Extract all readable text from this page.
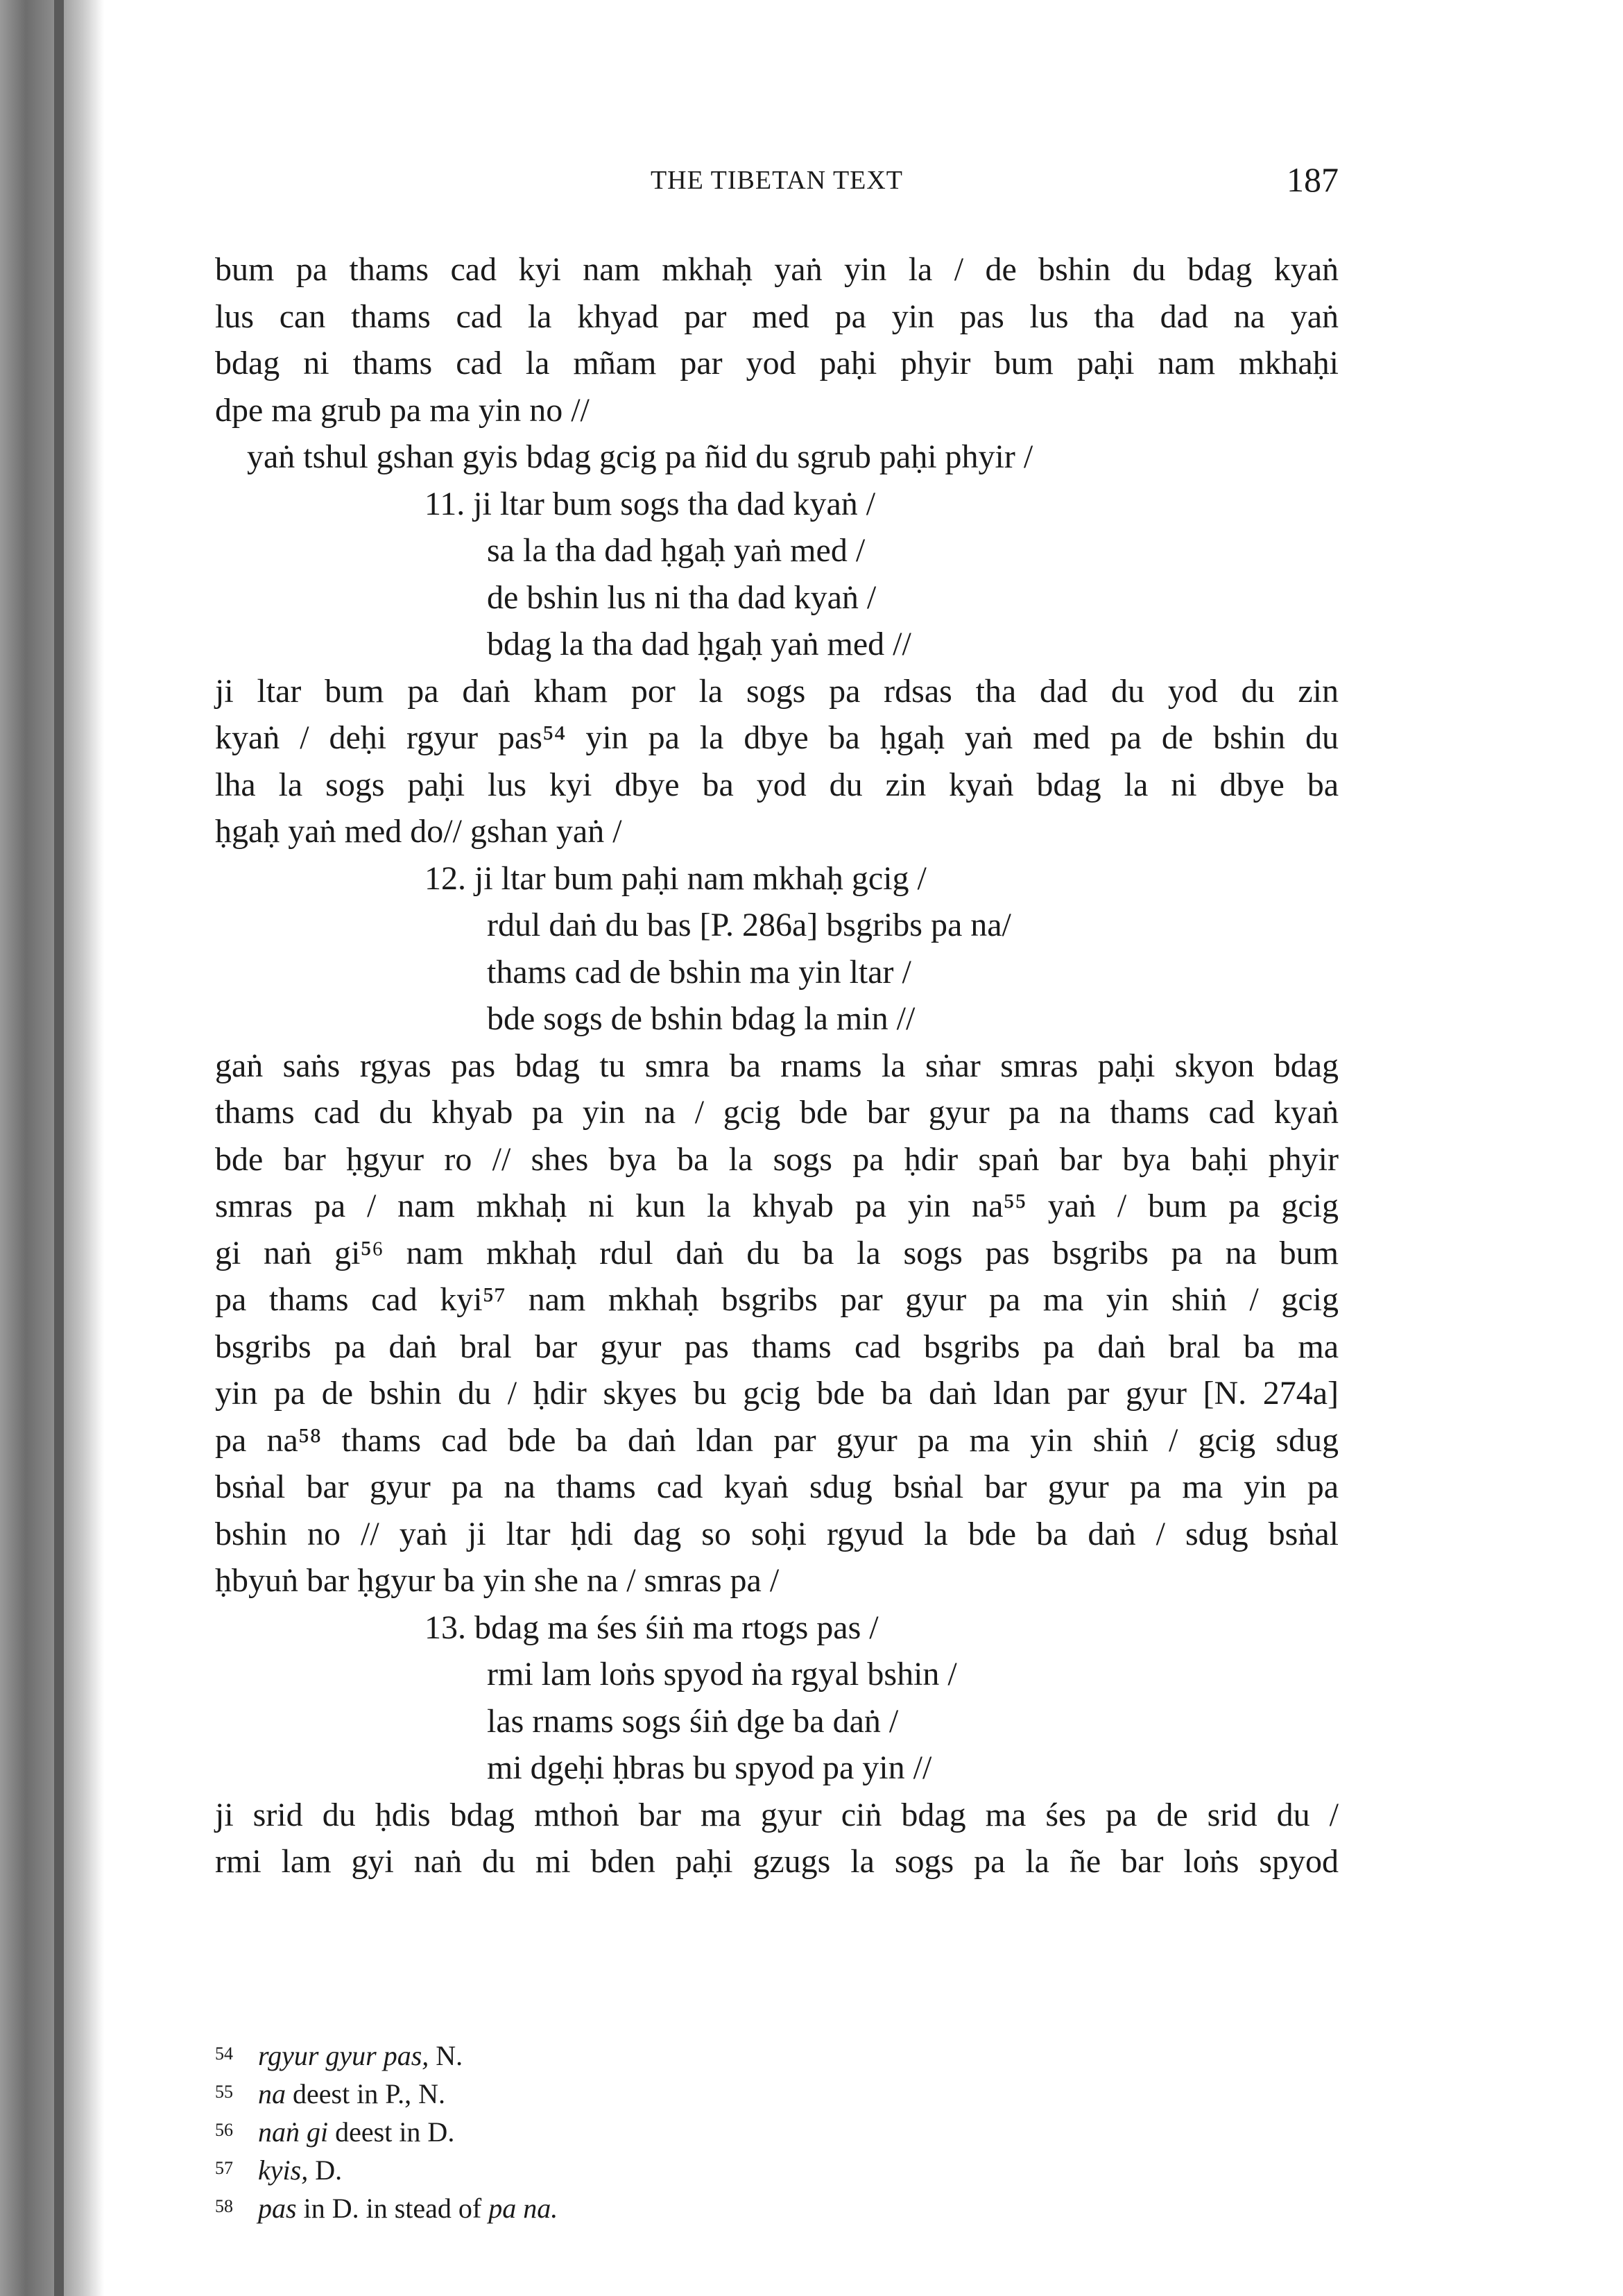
THE TIBETAN TEXT	187
bum pa thams cad kyi nam mkhaḥ yaṅ yin la / de bshin du bdag kyaṅ
lus can thams cad la khyad par med pa yin pas lus tha dad na yaṅ
bdag ni thams cad la mñam par yod paḥi phyir bum paḥi nam mkhaḥi
dpe ma grub pa ma yin no //
yaṅ tshul gshan gyis bdag gcig pa ñid du sgrub paḥi phyir /
11. ji ltar bum sogs tha dad kyaṅ /
sa la tha dad ḥgaḥ yaṅ med /
de bshin lus ni tha dad kyaṅ /
bdag la tha dad ḥgaḥ yaṅ med //
ji ltar bum pa daṅ kham por la sogs pa rdsas tha dad du yod du zin
kyaṅ / deḥi rgyur pas⁵⁴ yin pa la dbye ba ḥgaḥ yaṅ med pa de bshin du
lha la sogs paḥi lus kyi dbye ba yod du zin kyaṅ bdag la ni dbye ba
ḥgaḥ yaṅ med do// gshan yaṅ /
12. ji ltar bum paḥi nam mkhaḥ gcig /
rdul daṅ du bas [P. 286a] bsgribs pa na/
thams cad de bshin ma yin ltar /
bde sogs de bshin bdag la min //
gaṅ saṅs rgyas pas bdag tu smra ba rnams la sṅar smras paḥi skyon bdag
thams cad du khyab pa yin na / gcig bde bar gyur pa na thams cad kyaṅ
bde bar ḥgyur ro // shes bya ba la sogs pa ḥdir spaṅ bar bya baḥi phyir
smras pa / nam mkhaḥ ni kun la khyab pa yin na⁵⁵ yaṅ / bum pa gcig
gi naṅ gi⁵⁶ nam mkhaḥ rdul daṅ du ba la sogs pas bsgribs pa na bum
pa thams cad kyi⁵⁷ nam mkhaḥ bsgribs par gyur pa ma yin shiṅ / gcig
bsgribs pa daṅ bral bar gyur pas thams cad bsgribs pa daṅ bral ba ma
yin pa de bshin du / ḥdir skyes bu gcig bde ba daṅ ldan par gyur [N. 274a]
pa na⁵⁸ thams cad bde ba daṅ ldan par gyur pa ma yin shiṅ / gcig sdug
bsṅal bar gyur pa na thams cad kyaṅ sdug bsṅal bar gyur pa ma yin pa
bshin no // yaṅ ji ltar ḥdi dag so soḥi rgyud la bde ba daṅ / sdug bsṅal
ḥbyuṅ bar ḥgyur ba yin she na / smras pa /
13. bdag ma śes śiṅ ma rtogs pas /
rmi lam loṅs spyod ṅa rgyal bshin /
las rnams sogs śiṅ dge ba daṅ /
mi dgeḥi ḥbras bu spyod pa yin //
ji srid du ḥdis bdag mthoṅ bar ma gyur ciṅ bdag ma śes pa de srid du /
rmi lam gyi naṅ du mi bden paḥi gzugs la sogs pa la ñe bar loṅs spyod
54 rgyur gyur pas, N.
55 na deest in P., N.
56 naṅ gi deest in D.
57 kyis, D.
58 pas in D. in stead of pa na.
